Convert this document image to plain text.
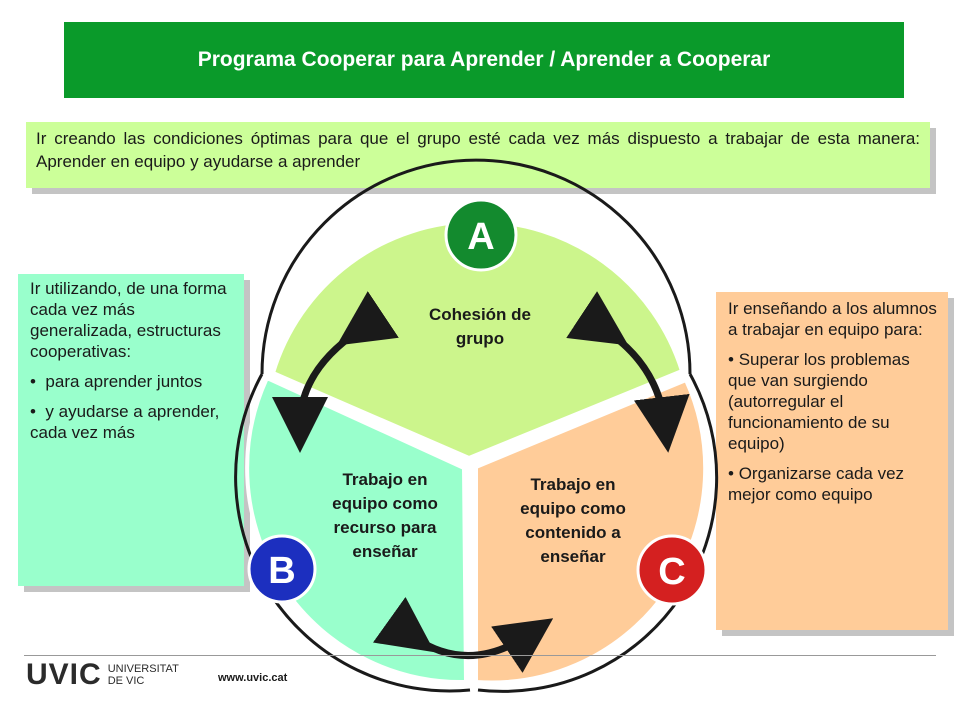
Programa Cooperar para Aprender / Aprender a Cooperar
Ir creando las condiciones óptimas para que el grupo esté cada vez más dispuesto a trabajar de esta manera: Aprender en equipo y ayudarse a aprender

Ir utilizando, de una forma cada vez más generalizada, estructuras cooperativas:

•  para aprender juntos

•  y ayudarse a aprender, cada vez más

Ir enseñando a los alumnos a trabajar en equipo para:

• Superar los problemas que van surgiendo (autorregular el funcionamiento de su equipo)

• Organizarse cada vez mejor como equipo

A
B	C
Cohesión de
grupo
Trabajo en
equipo como
recurso para
enseñar
Trabajo en
equipo como
contenido a
enseñar
UVIC UNIVERSITAT
DE VIC	www.uvic.cat
